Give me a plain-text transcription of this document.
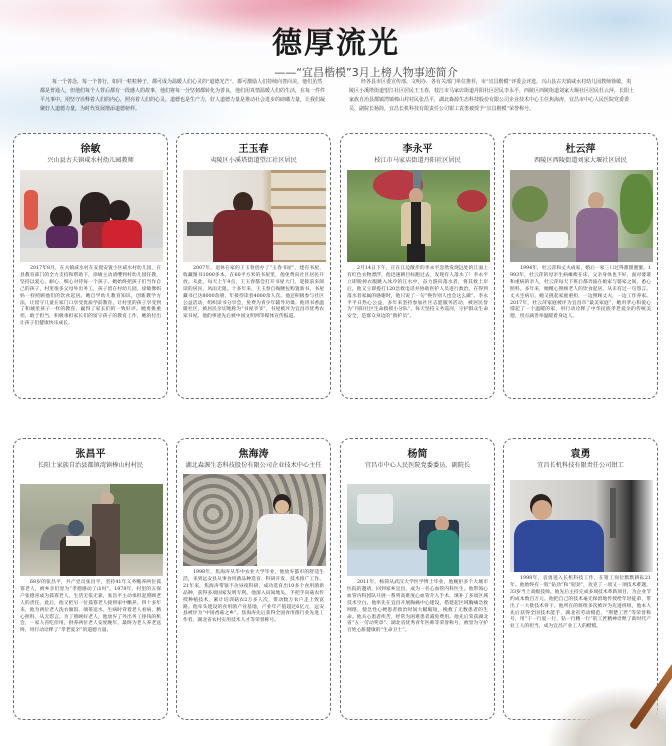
德厚流光
——“宜昌楷模”3月上榜人物事迹简介

每一个善念，每一个善行，如同一粒粒种子，都可成为温暖人们心灵的“道德光芒”，都可激励人们持续向善向美。他们虽然都是普通人，但他们每个人背后都有一段感人的故事，他们将每一分坚韧都转化为善良，他们用真情温暖人们的生活，在每一件件平凡事中，用坚守诠释着人们的内心，照亮着人们的心灵。道德也是生产力，好人道德力量是推动社会进步的磅礴力量，让我们凝聚好人道德力量，为时代发展增添道德榜样。

经各县市区委宣传部、文明办、各有关部门单位推荐，市“宜昌楷模”评委会评选，兴山县古夫镇咸水村幼儿园教师徐敏，夷陵区小溪塔街道望江社区居民王玉春，枝江市马家店街道丹阳社区居民李永平，西陵区西陵街道刘家大堰社区居民杜云萍，长阳土家族自治县都镇湾镇棒山村村民张昌平，湖北森源生态科技股份有限公司企业技术中心主任焦海涛，宜昌市中心人民医院党委委员、副院长杨简，宜昌长机科技有限责任公司钳工袁勇被授予“宜昌楷模”荣誉称号。

徐敏
兴山县古夫镇咸水村幼儿园教师
2017年8月，在夫镇咸水村在安置安置小区咸水村幼儿园，在县教育部门的全力支持和帮助下，徐敏主动请缨到村幼儿园任教，坚持以爱心、耐心、细心对待每一个孩子。她始终把孩子们当作自己的孩子，村里很多父母外出务工，孩子留在村幼儿园，徐敏像妈妈一样照顾他们的饮食起居。她自学幼儿教育知识，创新教学方法，让留守儿童在家门口享受优质学前教育，让村里的孩子享受到了和城里孩子一样的教育，赢得了家长们的一致好评。她勇挑重担，敢于担当，积极承担家长们的留守孩子的教育工作，她的付出让孩子们健康快乐成长。
王玉春
夷陵区小溪塔街道望江社区居民
2007年，退休在家的王玉春创办了“玉春书屋”，建有书屋，收藏图书1000多本，在60平方米的书屋里，他免费向社区居民开放。从此，每天上午9点，王玉春都会打开书屋大门，迎接前来阅读的居民，风雨无阻。十多年来，王玉春自掏腰包购置新书，书屋藏书已达8000余册，年接待读者4000余人次。他还积极参与社区公益活动，组织读书分享会，免费为青少年辅导功课。他用书香温暖社区，被居民亲切地称为“书屋爷爷”，书屋被评为宜昌市优秀农家书屋。他的事迹先后被中国文明网等媒体宣传报道。
李永平
枝江市马家店街道丹阳社区居民
2月14日下午，正在江边散步的李永平忽然发现远处的江面上有红色衣物漂浮，他迅速朝目标跑过去，发现有人落水了！李永平立即脱掉衣服跳入冰冷的江水中，奋力游向落水者，将其救上岸后，他又立即拨打120急救电话并协助医护人员进行救治。在得到落水者家属的感谢时，他只说了一句“换作别人也会这么做”。李永平平日热心公益，多年来坚持参加社区志愿服务活动，被居民誉为“丹阳社区生命救援小分队”，每天坚持义务巡河，守护群众生命安全，是群众身边的“救护员”。
杜云萍
西陵区西陵街道刘家大堰社区居民
1994年，杜云萍和丈夫成家，婚后一家三口过得甜甜蜜蜜。1993年，杜云萍的母亲生病瘫痪在床，父亲身体也不好，面对婆婆和重病的亲人，杜云萍每天下班后都奔波在娘家与婆家之间，悉心照料。多年来，她精心照顾老人的饮食起居，从未有过一句怨言。丈夫生病后，她又挑起家庭重担，一边照顾丈夫，一边工作养家。2017年，杜云萍家庭被评为宜昌市“最美家庭”，她用孝心和爱心撑起了一个温暖的家，用行动诠释了中华民族孝老爱亲的传统美德，用点滴善举温暖着身边人。
张昌平
长阳土家族自治县都镇湾镇棒山村村民
68岁的张昌平，共产党员张昌平，坚持41年义务赡养两位孤寡老人，被乡亲们誉为“孝德感动了山村”。1978年，村里的五保户张德喜成为孤寡老人，生活无依无靠，张昌平主动承担起照顾老人的责任。此后，他又把另一位孤寡老人接到家中赡养。四十多年来，他为两位老人洗衣做饭、端茶送水，生病时背着老人看病，精心照料，从无怨言。为了照顾好老人，他放弃了外出务工挣钱的机会，一家人省吃俭用，供养两位老人安度晚年，最终为老人养老送终，用行动诠释了“孝老爱亲”的道德力量。
焦海涛
湖北森源生态科技股份有限公司企业技术中心主任
1998年，焦海涛从华中农业大学毕业，他放弃都市的舒适生活，来到远安县从事食用菌品种选育、科研开发、技术推广工作。21年来，焦海涛带领不舍昼夜科研，成功选育出10多个食用菌新品种，获得多项国家发明专利。他深入田间地头，手把手向菇农传授种植技术，累计培训菇农2万多人次，带动数万农户走上致富路。他牵头建设的食用菌产业基地，产业年产值超过6亿元，远安县被评为“中国香菇之乡”。焦海涛先后获得全国食用菌行业先进工作者、湖北省农村实用技术人才等荣誉称号。
杨简
宜昌市中心人民医院党委委员、副院长
2011年，杨简从武汉大学医学博士毕业，他婉拒多个大城市医院的邀请，回到家乡宜昌，成为一名心血管内科医生。他带领心血管内科团队开展一系列高难度心血管介入手术，填补了多项区域技术空白。他率先在宜昌开展胸痛中心建设，搭建起区域胸痛急救网络，使急性心梗患者救治时间大幅缩短，挽救了无数患者的生命。他关心患者疾苦，经常为困难患者减免费用。他先后荣获湖北省“五一劳动奖章”、湖北省优秀青年医师等荣誉称号，被誉为守护百姓心脏健康的“生命卫士”。
袁勇
宜昌长机科技有限责任公司钳工
1998年，袁勇进入长机科技工作，在钳工岗位默默耕耘21年。他始终有一股“钻劲”和“韧劲”，攻克了一项又一项技术难题，33岁当上高级技师。他先后主持完成多项技术革新项目，为企业节约成本数百万元。他把自己的技术毫无保留地传授给年轻徒弟，带出了一大批技术骨干。他所在的班组多次被评为先进班组，他本人先后获得全国技术能手、湖北省劳动模范、“荆楚工匠”等荣誉称号，用“干一行爱一行，钻一行精一行”的工匠精神诠释了新时代产业工人的担当，成为宜昌产业工人的楷模。
